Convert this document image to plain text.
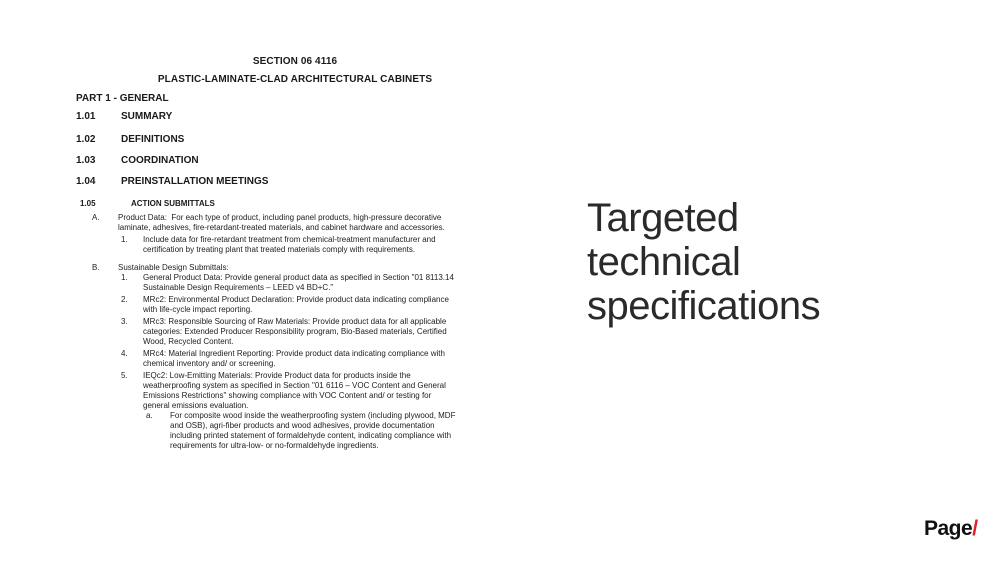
SECTION 06 4116
PLASTIC-LAMINATE-CLAD ARCHITECTURAL CABINETS
PART 1 - GENERAL
1.01	SUMMARY
1.02	DEFINITIONS
1.03	COORDINATION
1.04	PREINSTALLATION MEETINGS
1.05	ACTION SUBMITTALS
A. Product Data:  For each type of product, including panel products, high-pressure decorative
laminate, adhesives, fire-retardant-treated materials, and cabinet hardware and accessories.
1. Include data for fire-retardant treatment from chemical-treatment manufacturer and
certification by treating plant that treated materials comply with requirements.
B. Sustainable Design Submittals:
1. General Product Data: Provide general product data as specified in Section "01 8113.14
Sustainable Design Requirements – LEED v4 BD+C."
2. MRc2: Environmental Product Declaration: Provide product data indicating compliance
with life-cycle impact reporting.
3. MRc3: Responsible Sourcing of Raw Materials: Provide product data for all applicable
categories: Extended Producer Responsibility program, Bio-Based materials, Certified
Wood, Recycled Content.
4. MRc4: Material Ingredient Reporting: Provide product data indicating compliance with
chemical inventory and/ or screening.
5. IEQc2: Low-Emitting Materials: Provide Product data for products inside the
weatherproofing system as specified in Section "01 6116 – VOC Content and General
Emissions Restrictions" showing compliance with VOC Content and/ or testing for
general emissions evaluation.
a. For composite wood inside the weatherproofing system (including plywood, MDF
and OSB), agri-fiber products and wood adhesives, provide documentation
including printed statement of formaldehyde content, indicating compliance with
requirements for ultra-low- or no-formaldehyde ingredients.
Targeted
technical
specifications
Page/
